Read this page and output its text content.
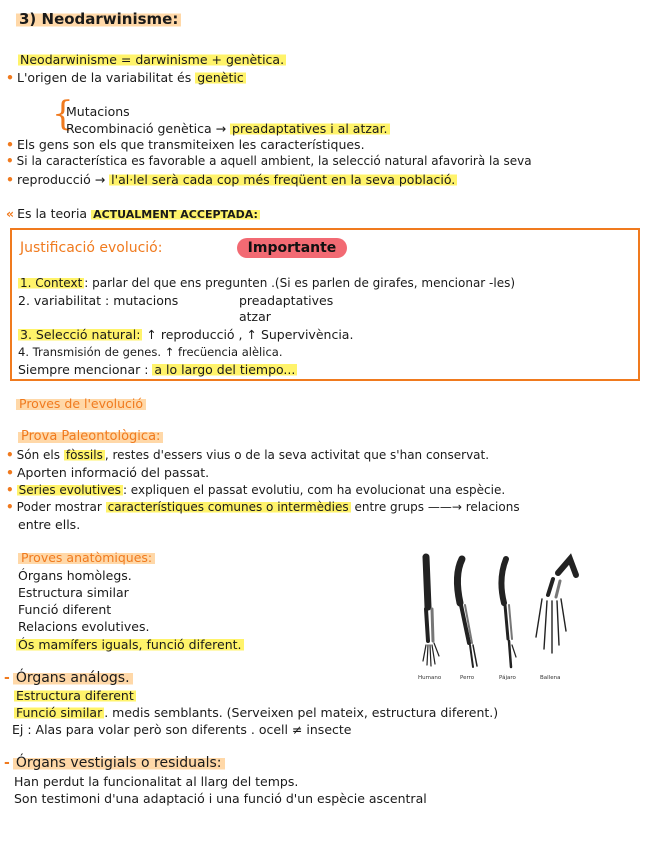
3) Neodarwinisme:
Neodarwinisme = darwinisme + genètica.
• L'origen de la variabilitat és genètic
{
Mutacions
Recombinació genètica → preadaptatives i al atzar.
• Els gens son els que transmiteixen les característiques.
• Si la característica es favorable a aquell ambient, la selecció natural afavorirà la seva
• reproducció → l'al·lel serà cada cop més freqüent en la seva població.
« Es la teoria ACTUALMENT ACCEPTADA:
Justificació evolució:	Importante
1. Context : parlar del que ens pregunten .(Si es parlen de girafes, mencionar -les)
2. variabilitat : mutacions	preadaptatives
atzar
3. Selecció natural: ↑ reproducció , ↑ Supervivència.
4. Transmisión de genes. ↑ frecüencia alèlica.
Siempre mencionar : a lo largo del tiempo...
Proves de l'evolució
Prova Paleontològica:
• Són els fòssils , restes d'essers vius o de la seva activitat que s'han conservat.
• Aporten informació del passat.
• Series evolutives : expliquen el passat evolutiu, com ha evolucionat una espècie.
• Poder mostrar característiques comunes o intermèdies entre grups ——→ relacions
entre ells.
Proves anatòmiques:
Órgans homòlegs.
Estructura similar
Funció diferent
Relacions evolutives.
Ós mamífers iguals, funció diferent.
Humano	Perro	Pájaro	Ballena
- Órgans análogs.
Estructura diferent
Funció similar . medis semblants. (Serveixen pel mateix, estructura diferent.)
Ej : Alas para volar però son diferents . ocell ≠ insecte
- Órgans vestigials o residuals:
Han perdut la funcionalitat al llarg del temps.
Son testimoni d'una adaptació i una funció d'un espècie ascentral
